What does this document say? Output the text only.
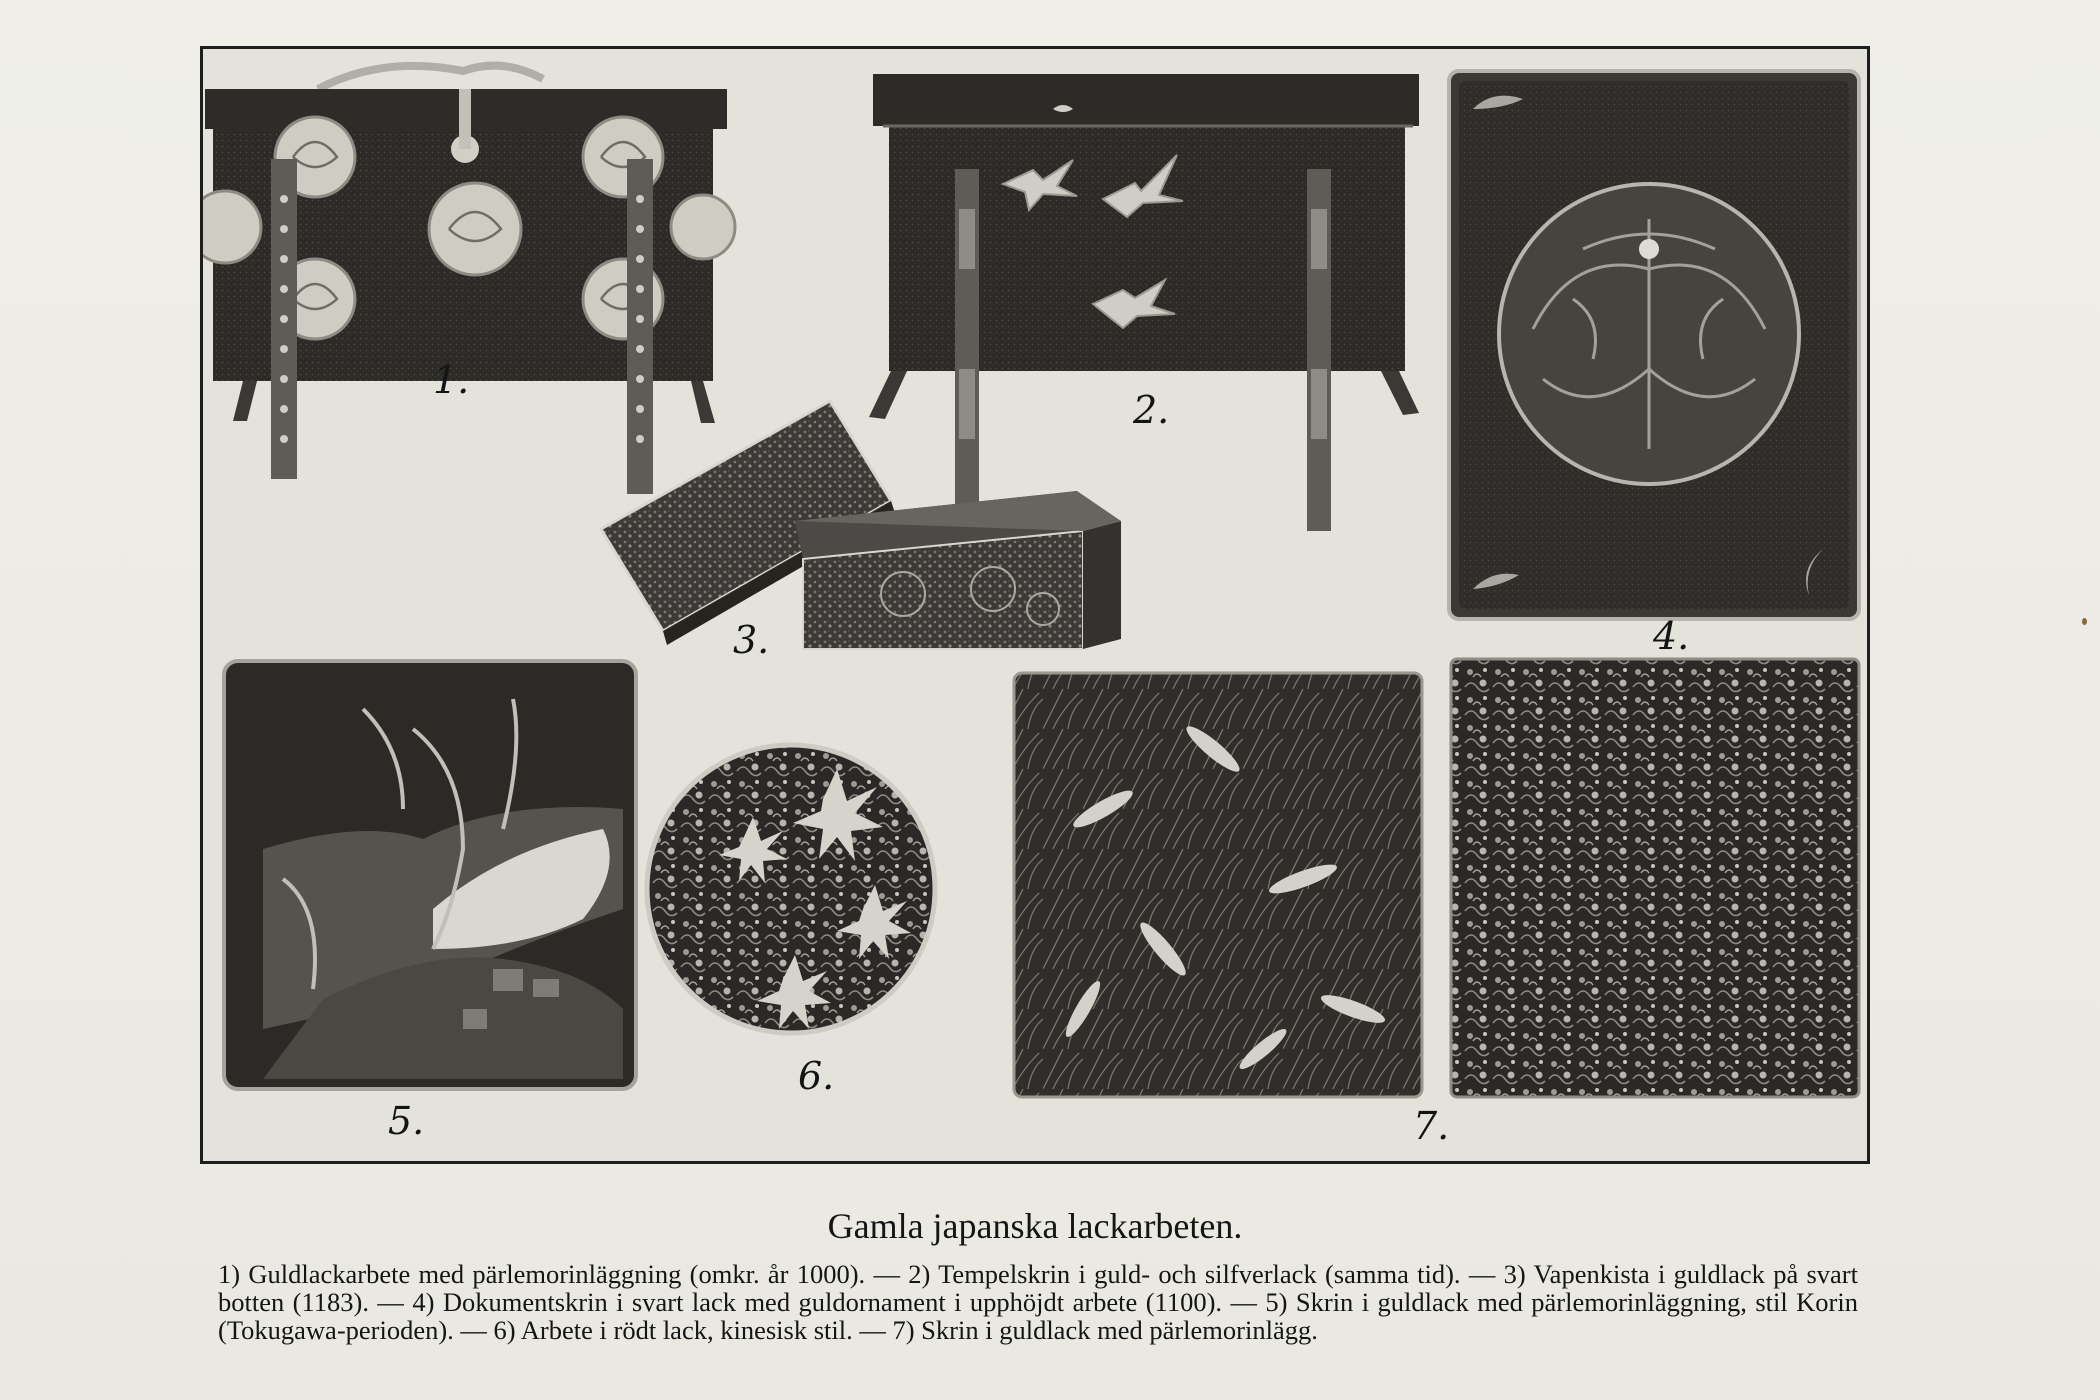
1.
2.
3.	4.
5.
6.
7.
Gamla japanska lackarbeten.
1) Guldlackarbete med pärlemorinläggning (omkr. år 1000). — 2) Tempelskrin i guld- och silfverlack (samma tid). — 3) Vapenkista i guldlack på svart botten (1183). — 4) Dokumentskrin i svart lack med guldornament i upphöjdt arbete (1100). — 5) Skrin i guldlack med pärlemorinläggning, stil Korin (Tokugawa-perioden). — 6) Arbete i rödt lack, kinesisk stil. — 7) Skrin i guldlack med pärlemorinlägg.
